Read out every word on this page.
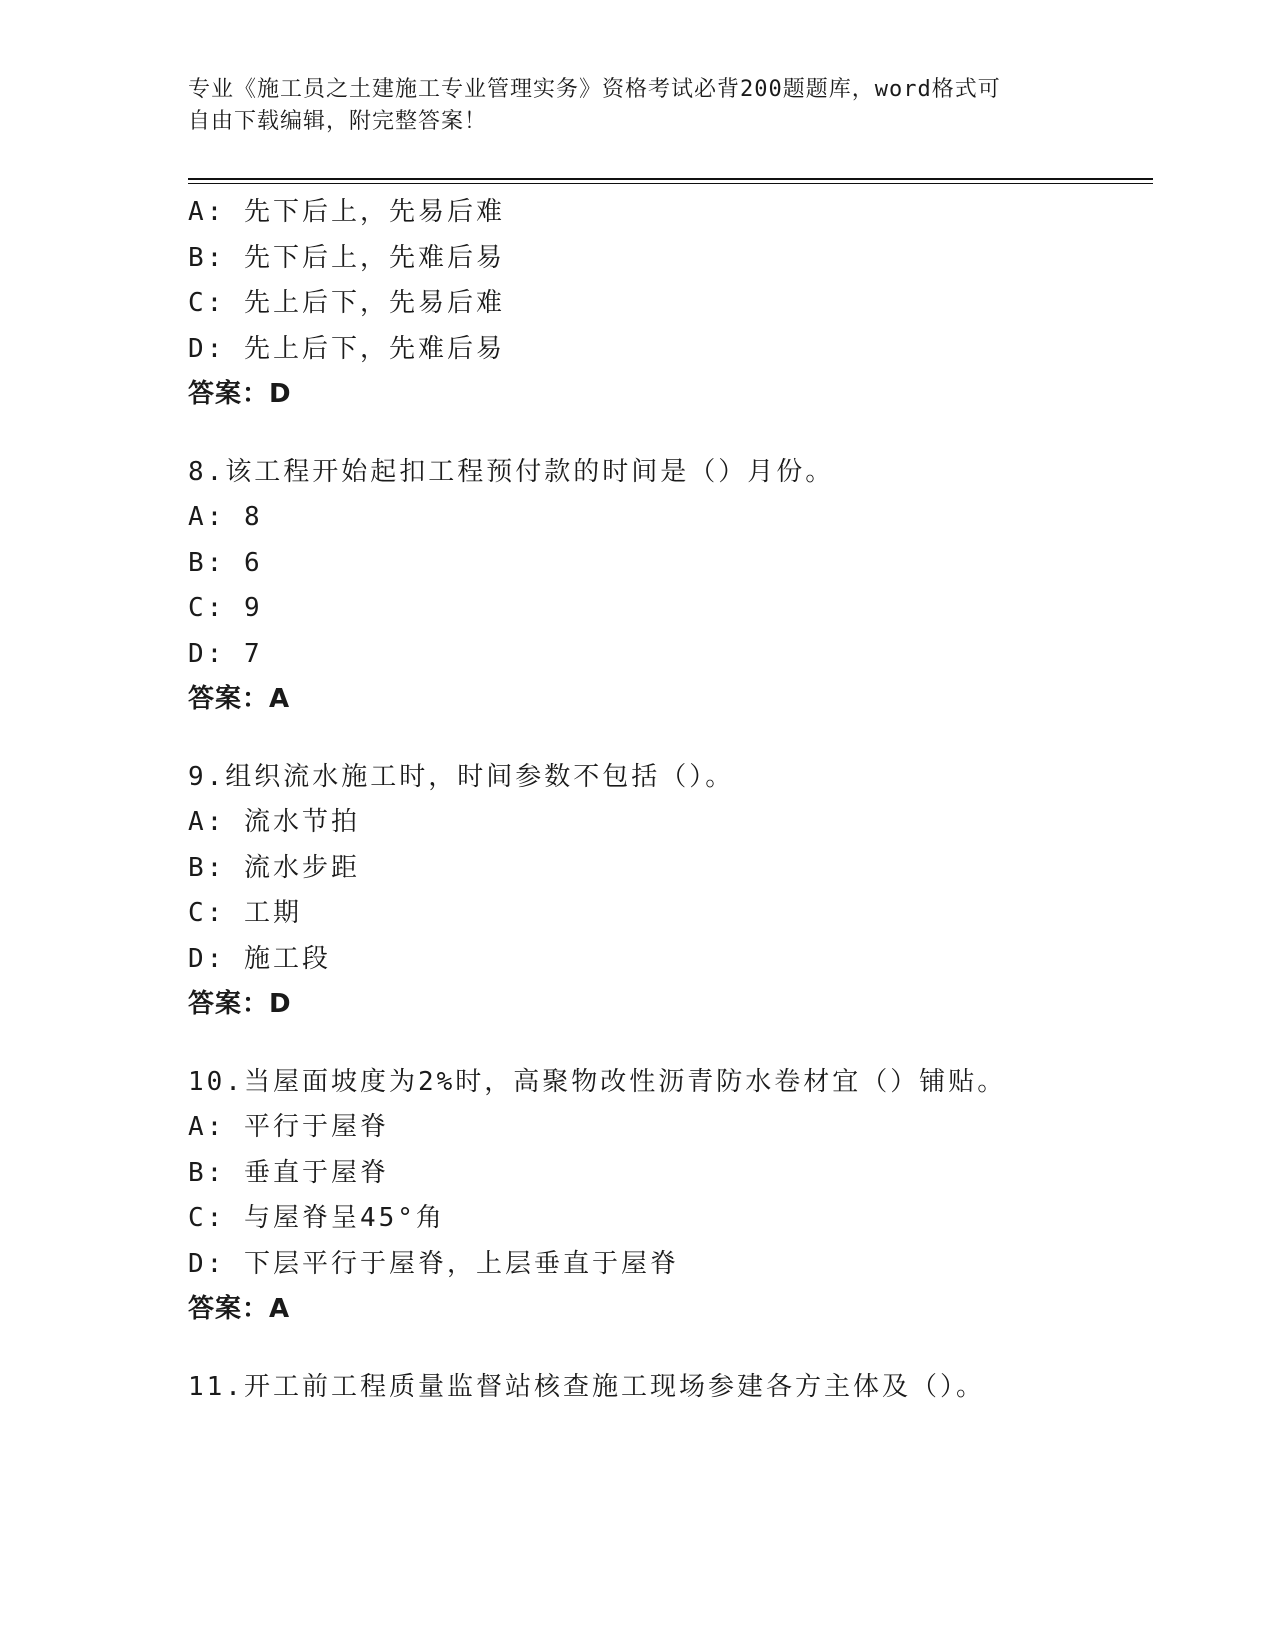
专业《施工员之土建施工专业管理实务》资格考试必背200题题库，word格式可
自由下载编辑，附完整答案！
A: 先下后上，先易后难
B: 先下后上，先难后易
C: 先上后下，先易后难
D: 先上后下，先难后易
答案：D
8.该工程开始起扣工程预付款的时间是（）月份。
A: 8
B: 6
C: 9
D: 7
答案：A
9.组织流水施工时，时间参数不包括（）。
A: 流水节拍
B: 流水步距
C: 工期
D: 施工段
答案：D
10.当屋面坡度为2%时，高聚物改性沥青防水卷材宜（）铺贴。
A: 平行于屋脊
B: 垂直于屋脊
C: 与屋脊呈45°角
D: 下层平行于屋脊，上层垂直于屋脊
答案：A
11.开工前工程质量监督站核查施工现场参建各方主体及（）。
